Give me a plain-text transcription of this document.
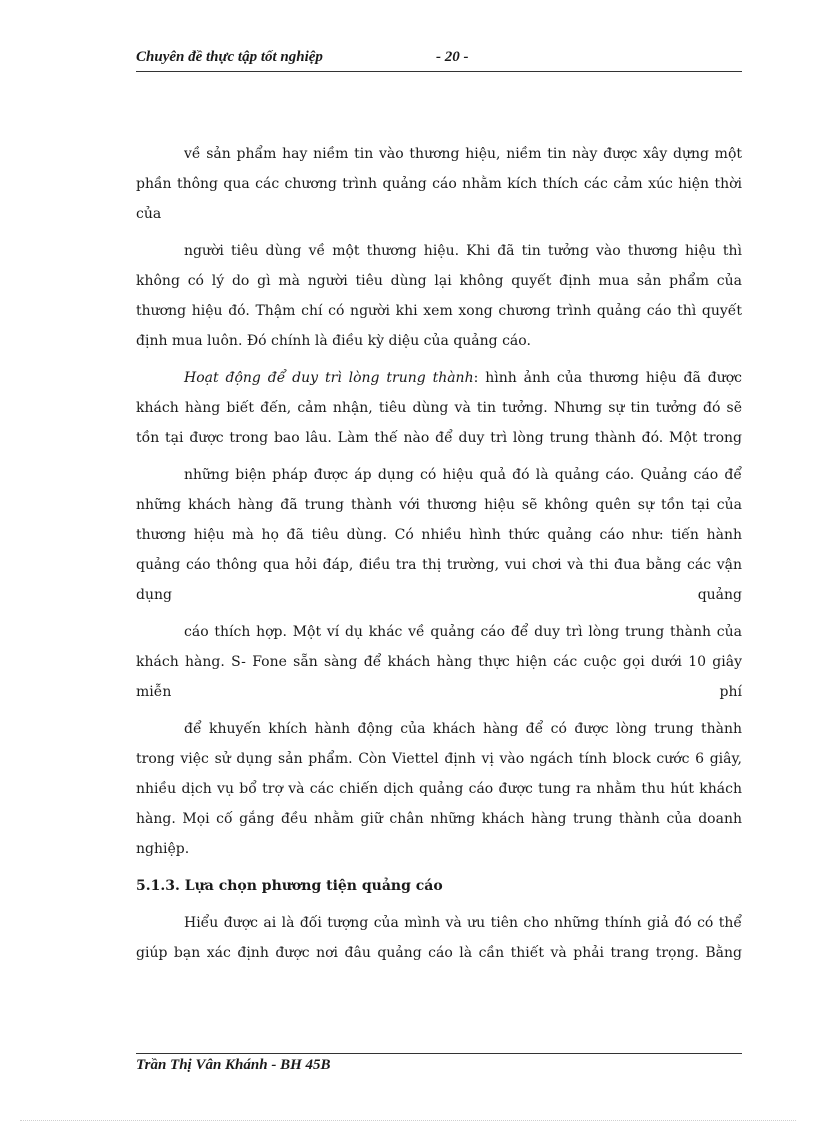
Chuyên đề thực tập tốt nghiệp	- 20 -
về sản phẩm hay niềm tin vào thương hiệu, niềm tin này được xây dựng một
phần thông qua các chương trình quảng cáo nhằm kích thích các cảm xúc hiện thời
của
người tiêu dùng về một thương hiệu. Khi đã tin tưởng vào thương hiệu thì
không có lý do gì mà người tiêu dùng lại không quyết định mua sản phẩm của
thương hiệu đó. Thậm chí có người khi xem xong chương trình quảng cáo thì quyết
định mua luôn. Đó chính là điều kỳ diệu của quảng cáo.
Hoạt động để duy trì lòng trung thành: hình ảnh của thương hiệu đã được
khách hàng biết đến, cảm nhận, tiêu dùng và tin tưởng. Nhưng sự tin tưởng đó sẽ
tồn tại được trong bao lâu. Làm thế nào để duy trì lòng trung thành đó. Một trong
những biện pháp được áp dụng có hiệu quả đó là quảng cáo. Quảng cáo để
những khách hàng đã trung thành với thương hiệu sẽ không quên sự tồn tại của
thương hiệu mà họ đã tiêu dùng. Có nhiều hình thức quảng cáo như: tiến hành
quảng cáo thông qua hỏi đáp, điều tra thị trường, vui chơi và thi đua bằng các vận
dụng	quảng
cáo thích hợp. Một ví dụ khác về quảng cáo để duy trì lòng trung thành của
khách hàng. S- Fone sẵn sàng để khách hàng thực hiện các cuộc gọi dưới 10 giây
miễn	phí
để khuyến khích hành động của khách hàng để có được lòng trung thành
trong việc sử dụng sản phẩm. Còn Viettel định vị vào ngách tính block cước 6 giây,
nhiều dịch vụ bổ trợ và các chiến dịch quảng cáo được tung ra nhằm thu hút khách
hàng. Mọi cố gắng đều nhằm giữ chân những khách hàng trung thành của doanh
nghiệp.
5.1.3. Lựa chọn phương tiện quảng cáo
Hiểu được ai là đối tượng của mình và ưu tiên cho những thính giả đó có thể
giúp bạn xác định được nơi đâu quảng cáo là cần thiết và phải trang trọng. Bằng
Trần Thị Vân Khánh - BH 45B
